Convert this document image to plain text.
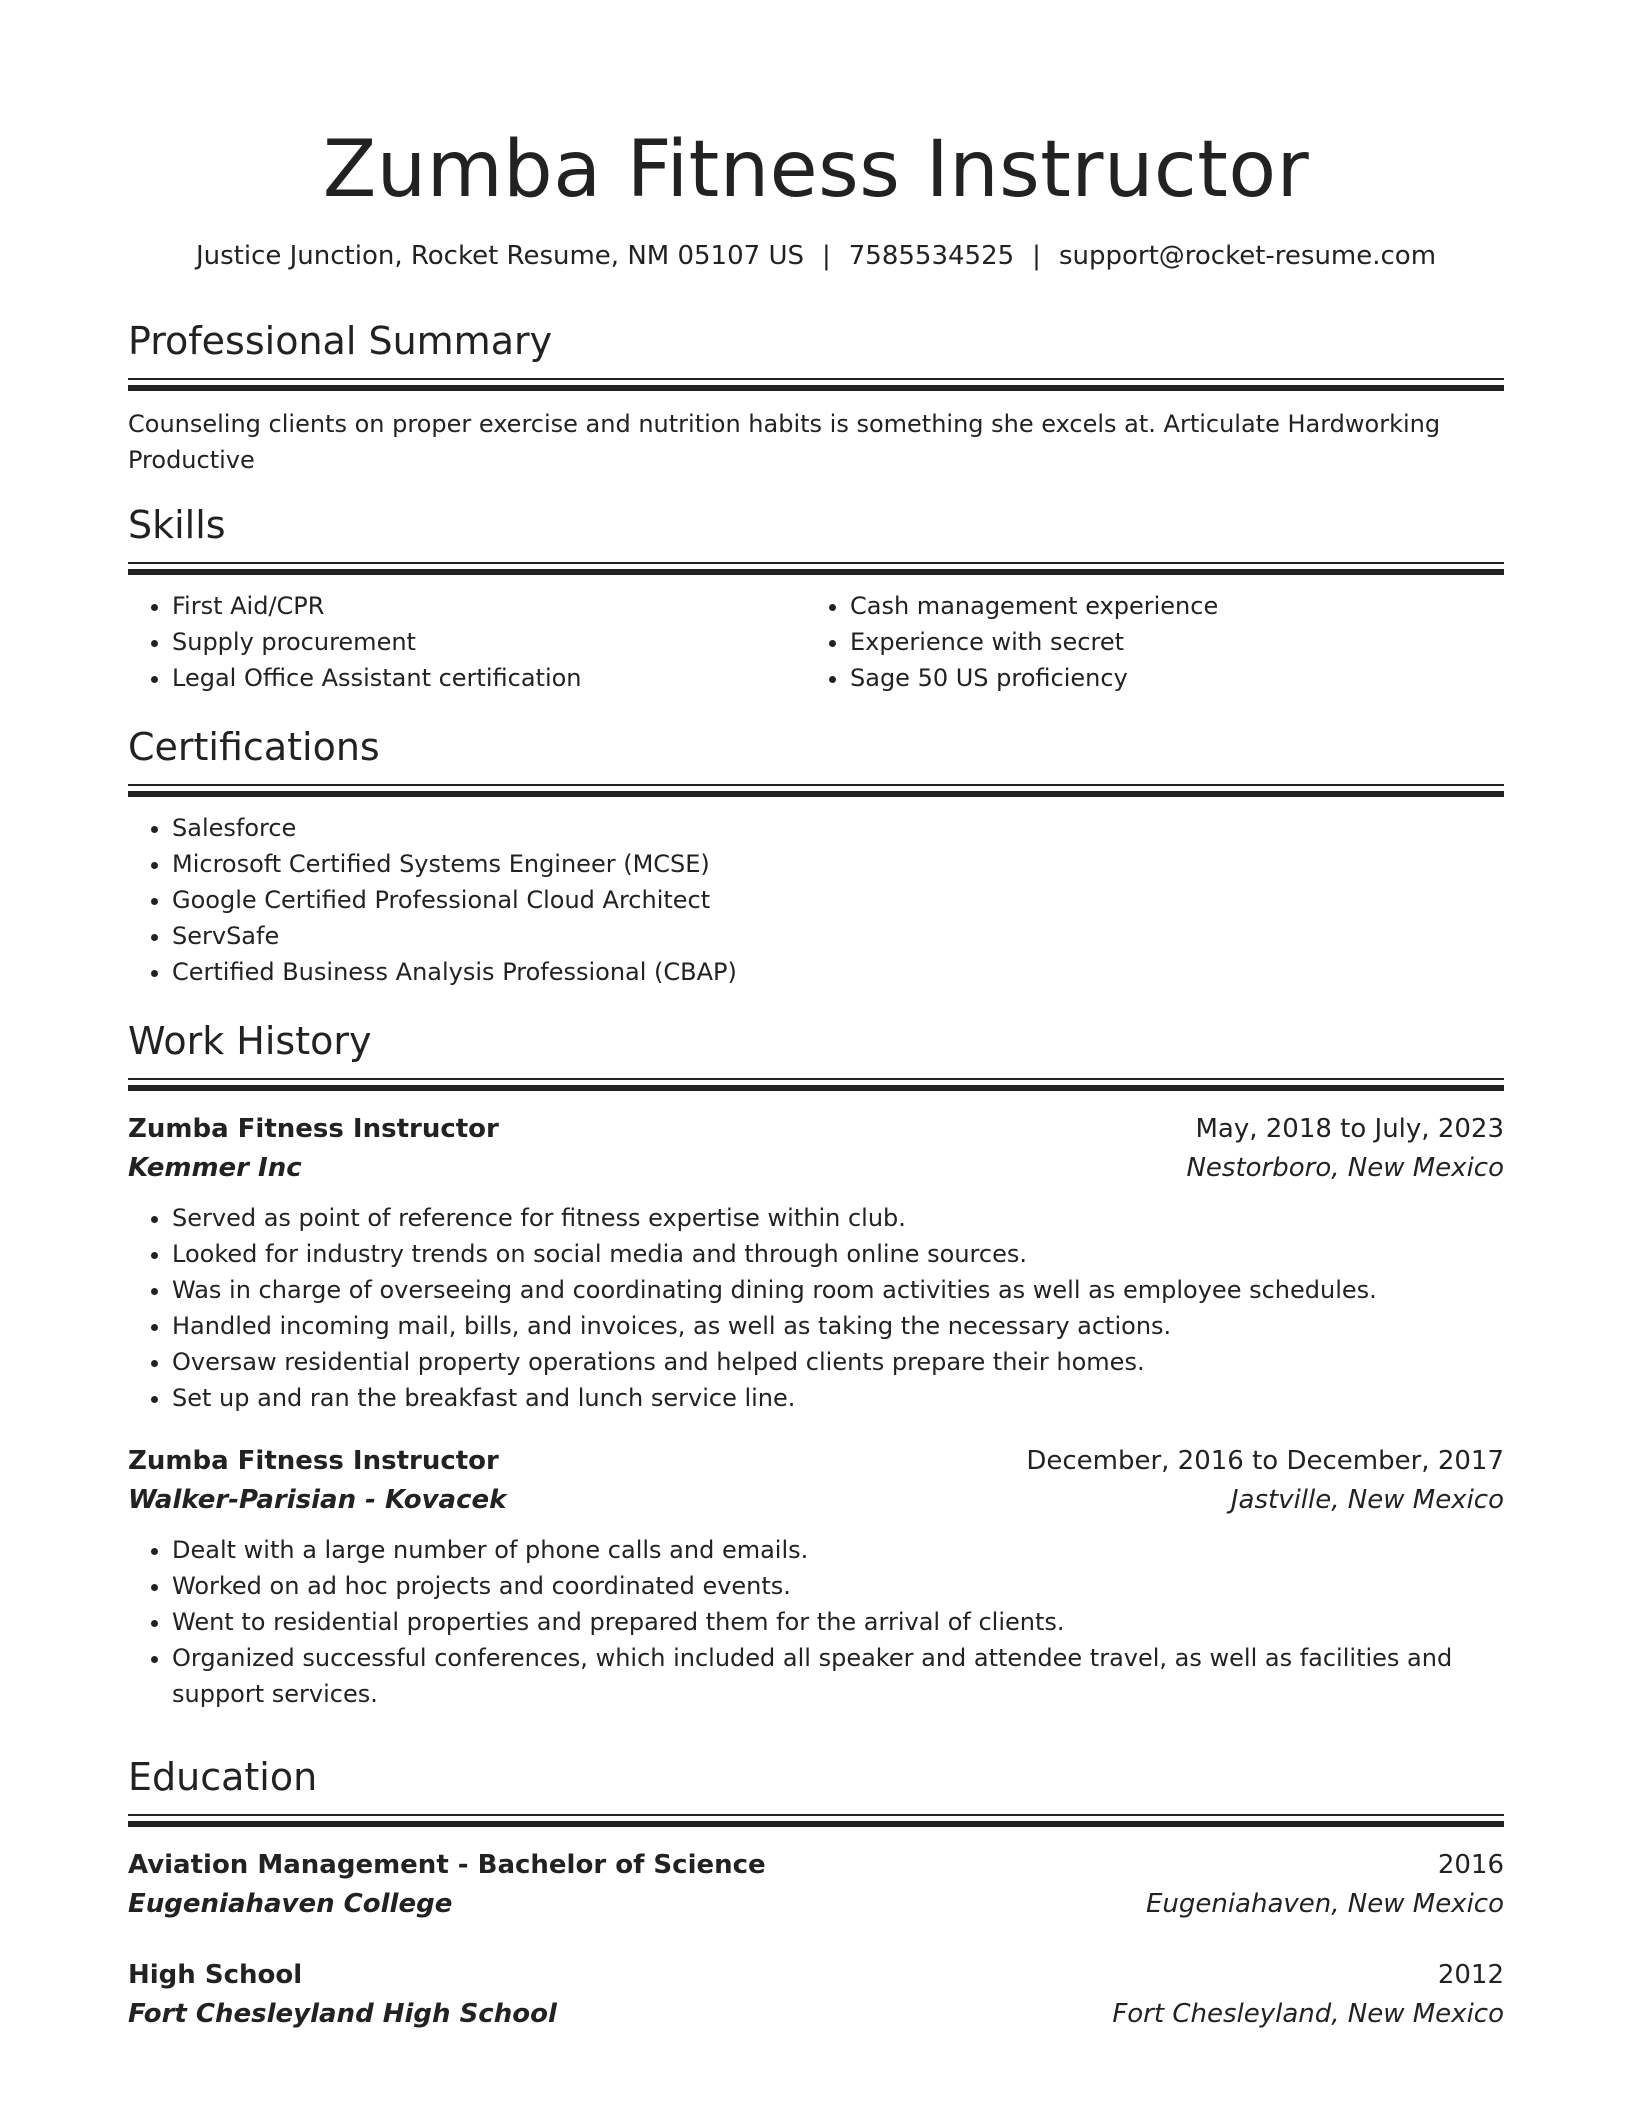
Zumba Fitness Instructor
Justice Junction, Rocket Resume, NM 05107 US | 7585534525 | support@rocket-resume.com
Professional Summary

Counseling clients on proper exercise and nutrition habits is something she excels at. Articulate Hardworking Productive

Skills
• First Aid/CPR
• Supply procurement
• Legal Office Assistant certification
• Cash management experience
• Experience with secret
• Sage 50 US proficiency
Certifications
• Salesforce
• Microsoft Certified Systems Engineer (MCSE)
• Google Certified Professional Cloud Architect
• ServSafe
• Certified Business Analysis Professional (CBAP)
Work History
Zumba Fitness Instructor	May, 2018 to July, 2023
Kemmer Inc	Nestorboro, New Mexico
• Served as point of reference for fitness expertise within club.
• Looked for industry trends on social media and through online sources.
• Was in charge of overseeing and coordinating dining room activities as well as employee schedules.
• Handled incoming mail, bills, and invoices, as well as taking the necessary actions.
• Oversaw residential property operations and helped clients prepare their homes.
• Set up and ran the breakfast and lunch service line.
Zumba Fitness Instructor	December, 2016 to December, 2017
Walker-Parisian - Kovacek	Jastville, New Mexico
• Dealt with a large number of phone calls and emails.
• Worked on ad hoc projects and coordinated events.
• Went to residential properties and prepared them for the arrival of clients.
• Organized successful conferences, which included all speaker and attendee travel, as well as facilities and support services.
Education
Aviation Management - Bachelor of Science	2016
Eugeniahaven College	Eugeniahaven, New Mexico
High School	2012
Fort Chesleyland High School	Fort Chesleyland, New Mexico
